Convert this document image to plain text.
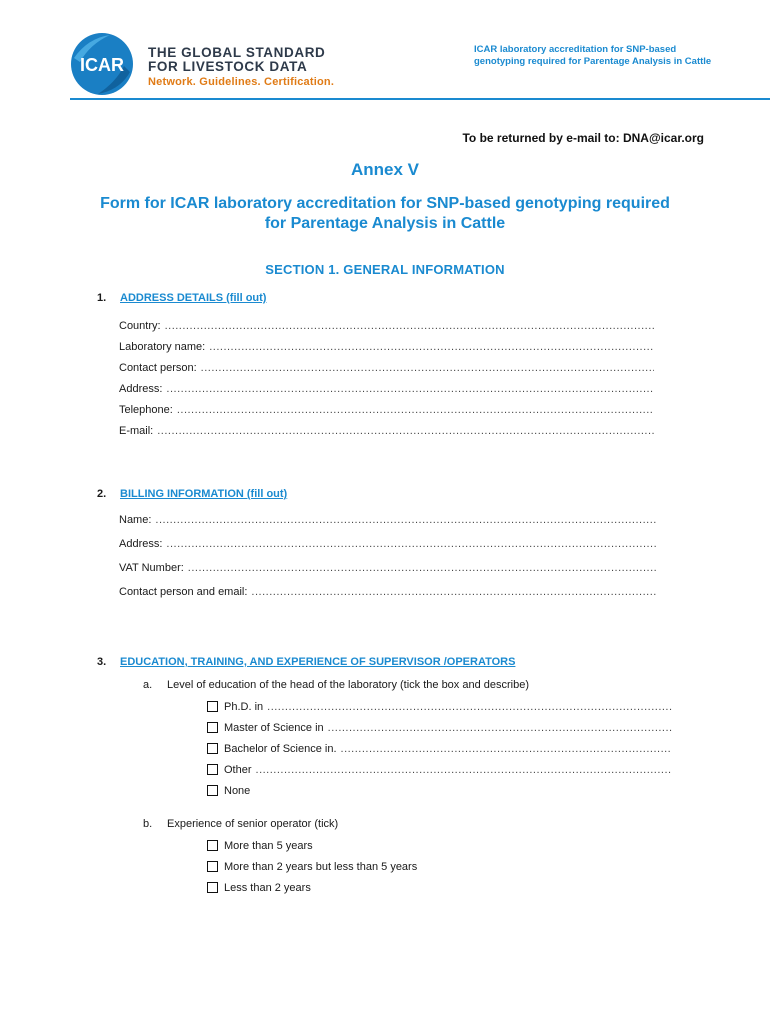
ICAR
THE GLOBAL STANDARD
FOR LIVESTOCK DATA
Network. Guidelines. Certification.
ICAR laboratory accreditation for SNP-based genotyping required for Parentage Analysis in Cattle
To be returned by e-mail to: DNA@icar.org
Annex V
Form for ICAR laboratory accreditation for SNP-based genotyping required for Parentage Analysis in Cattle
SECTION 1. GENERAL INFORMATION
1. ADDRESS DETAILS (fill out)
Country:
.....
Laboratory name:
.....
Contact person:
.....
Address:
.....
Telephone:
.....
E-mail:
.....
2. BILLING INFORMATION (fill out)
Name:
.....
Address:
.....
VAT Number:
.....
Contact person and email:
.....
3. EDUCATION, TRAINING, AND EXPERIENCE OF SUPERVISOR /OPERATORS
a. Level of education of the head of the laboratory (tick the box and describe)
Ph.D. in
.....
Master of Science in
.....
Bachelor of Science in.
.....
Other
.....
None
b. Experience of senior operator (tick)
More than 5 years
More than 2 years but less than 5 years
Less than 2 years
